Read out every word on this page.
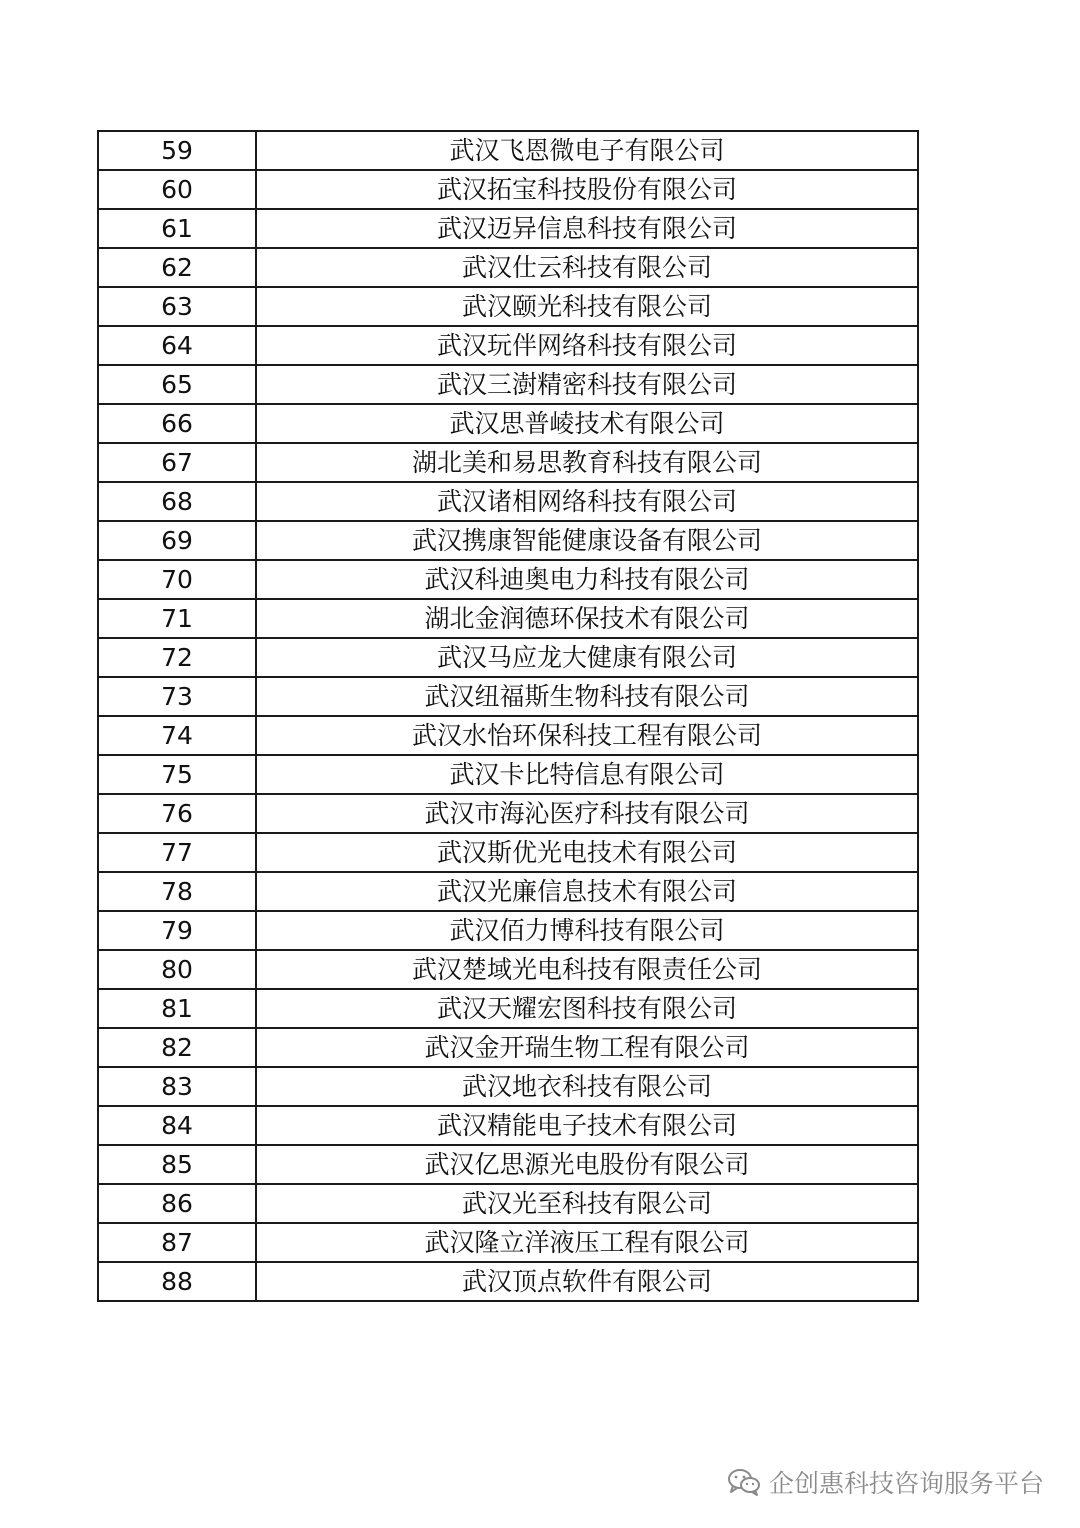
59	武汉飞恩微电子有限公司
60	武汉拓宝科技股份有限公司
61	武汉迈异信息科技有限公司
62	武汉仕云科技有限公司
63	武汉颐光科技有限公司
64	武汉玩伴网络科技有限公司
65	武汉三澍精密科技有限公司
66	武汉思普崚技术有限公司
67	湖北美和易思教育科技有限公司
68	武汉诸相网络科技有限公司
69	武汉携康智能健康设备有限公司
70	武汉科迪奥电力科技有限公司
71	湖北金润德环保技术有限公司
72	武汉马应龙大健康有限公司
73	武汉纽福斯生物科技有限公司
74	武汉水怡环保科技工程有限公司
75	武汉卡比特信息有限公司
76	武汉市海沁医疗科技有限公司
77	武汉斯优光电技术有限公司
78	武汉光廉信息技术有限公司
79	武汉佰力博科技有限公司
80	武汉楚域光电科技有限责任公司
81	武汉天耀宏图科技有限公司
82	武汉金开瑞生物工程有限公司
83	武汉地衣科技有限公司
84	武汉精能电子技术有限公司
85	武汉亿思源光电股份有限公司
86	武汉光至科技有限公司
87	武汉隆立洋液压工程有限公司
88	武汉顶点软件有限公司
企创惠科技咨询服务平台
